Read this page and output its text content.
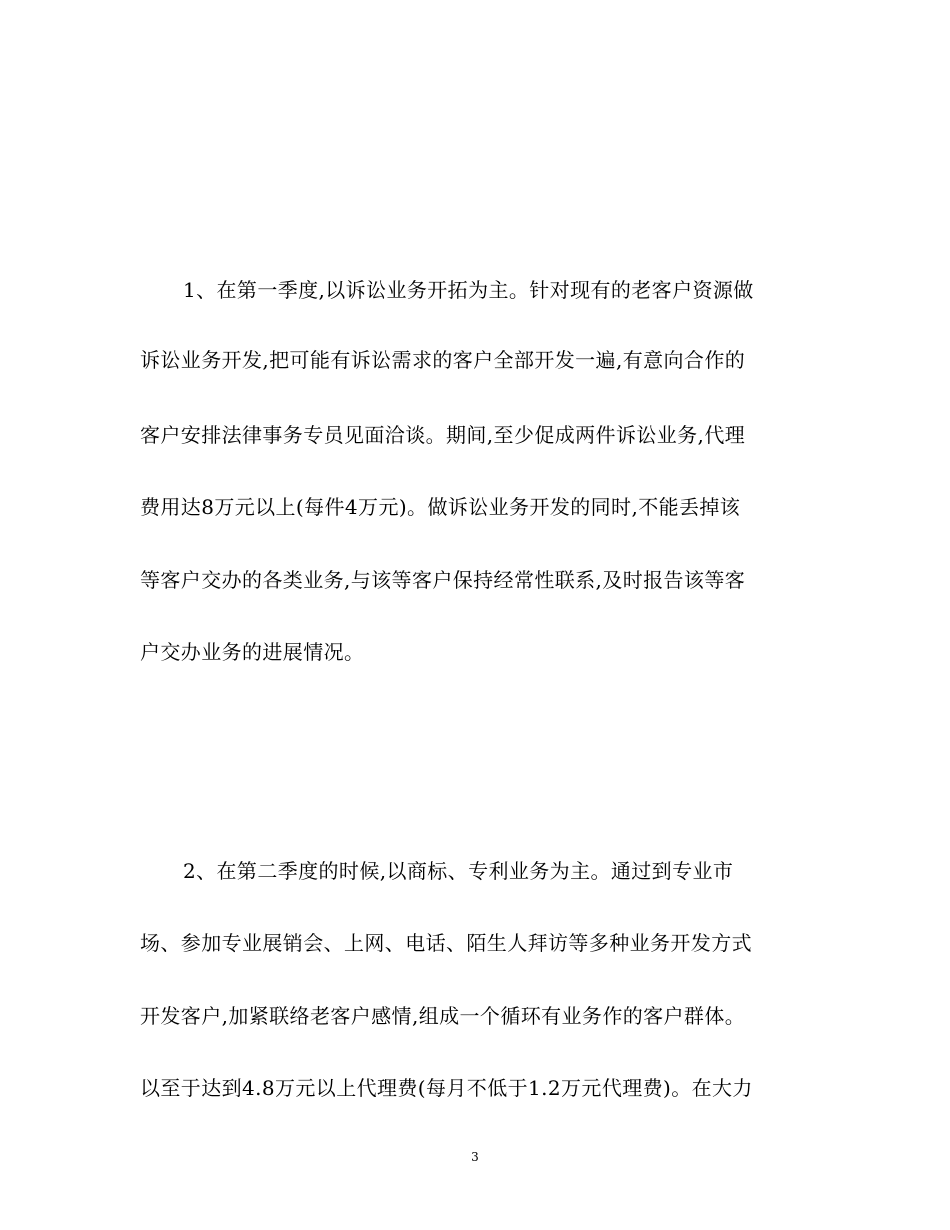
1、在第一季度,以诉讼业务开拓为主。针对现有的老客户资源做
诉讼业务开发,把可能有诉讼需求的客户全部开发一遍,有意向合作的
客户安排法律事务专员见面洽谈。期间,至少促成两件诉讼业务,代理
费用达8万元以上(每件4万元)。做诉讼业务开发的同时,不能丢掉该
等客户交办的各类业务,与该等客户保持经常性联系,及时报告该等客
户交办业务的进展情况。
2、在第二季度的时候,以商标、专利业务为主。通过到专业市
场、参加专业展销会、上网、电话、陌生人拜访等多种业务开发方式
开发客户,加紧联络老客户感情,组成一个循环有业务作的客户群体。
以至于达到4.8万元以上代理费(每月不低于1.2万元代理费)。在大力
3
